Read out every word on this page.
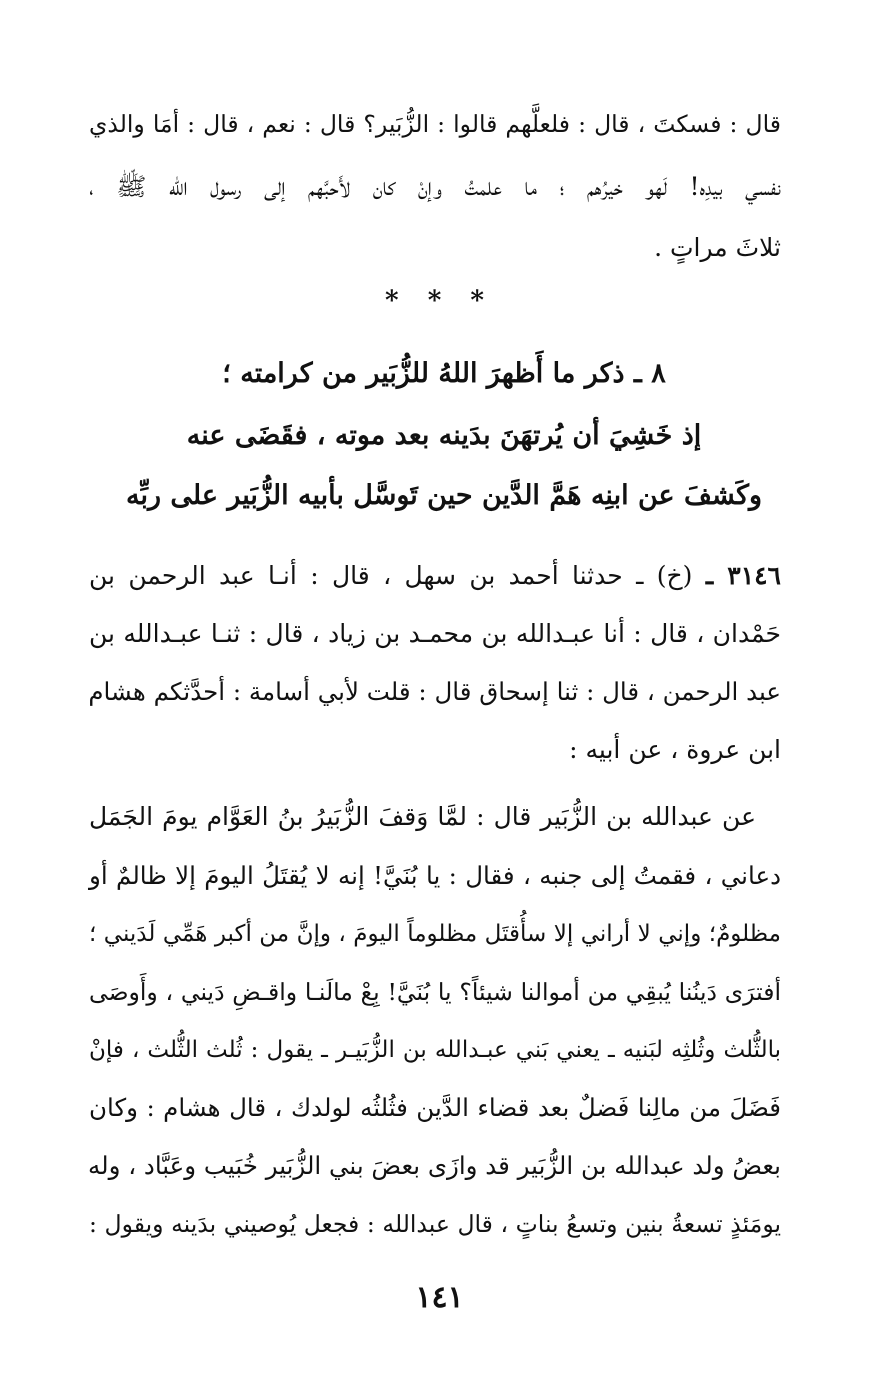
قال : فسكتَ ، قال : فلعلَّهم قالوا : الزُّبَير؟ قال : نعم ، قال : أمَا والذي
نفسي بيدِه! لَهو خيرُهم ؛ ما علمتُ وإنْ كان لأَحبَّهم إلى رسول الله ﷺ ،
ثلاثَ مراتٍ .
* * *
٨ ـ ذكر ما أَظهرَ اللهُ للزُّبَير من كرامته ؛
إذ خَشِيَ أن يُرتهَنَ بدَينه بعد موته ، فقَضَى عنه
وكَشفَ عن ابنِه هَمَّ الدَّين حين تَوسَّل بأبيه الزُّبَير على ربِّه
٣١٤٦ ـ (خ) ـ حدثنا أحمد بن سهل ، قال : أنـا عبد الرحمن بن
حَمْدان ، قال : أنا عبـدالله بن محمـد بن زياد ، قال : ثنـا عبـدالله بن
عبد الرحمن ، قال : ثنا إسحاق قال : قلت لأبي أسامة : أحدَّثكم هشام
ابن عروة ، عن أبيه :
عن عبدالله بن الزُّبَير قال : لمَّا وَقفَ الزُّبَيرُ بنُ العَوَّام يومَ الجَمَل
دعاني ، فقمتُ إلى جنبه ، فقال : يا بُنَيَّ! إنه لا يُقتَلُ اليومَ إلا ظالمٌ أو
مظلومٌ؛ وإني لا أراني إلا سأُقتَل مظلوماً اليومَ ، وإنَّ من أكبر هَمِّي لَدَيني ؛
أفترَى دَينُنا يُبقِي من أموالنا شيئاً؟ يا بُنَيَّ! بِعْ مالَنـا واقـضِ دَيني ، وأَوصَى
بالثُّلث وثُلثِه لبَنيه ـ يعني بَني عبـدالله بن الزُّبَيـر ـ يقول : ثُلث الثُّلث ، فإنْ
فَضَلَ من مالِنا فَضلٌ بعد قضاء الدَّين فثُلثُه لولدك ، قال هشام : وكان
بعضُ ولد عبدالله بن الزُّبَير قد وازَى بعضَ بني الزُّبَير خُبَيب وعَبَّاد ، وله
يومَئذٍ تسعةُ بنين وتسعُ بناتٍ ، قال عبدالله : فجعل يُوصيني بدَينه ويقول :
١٤١
